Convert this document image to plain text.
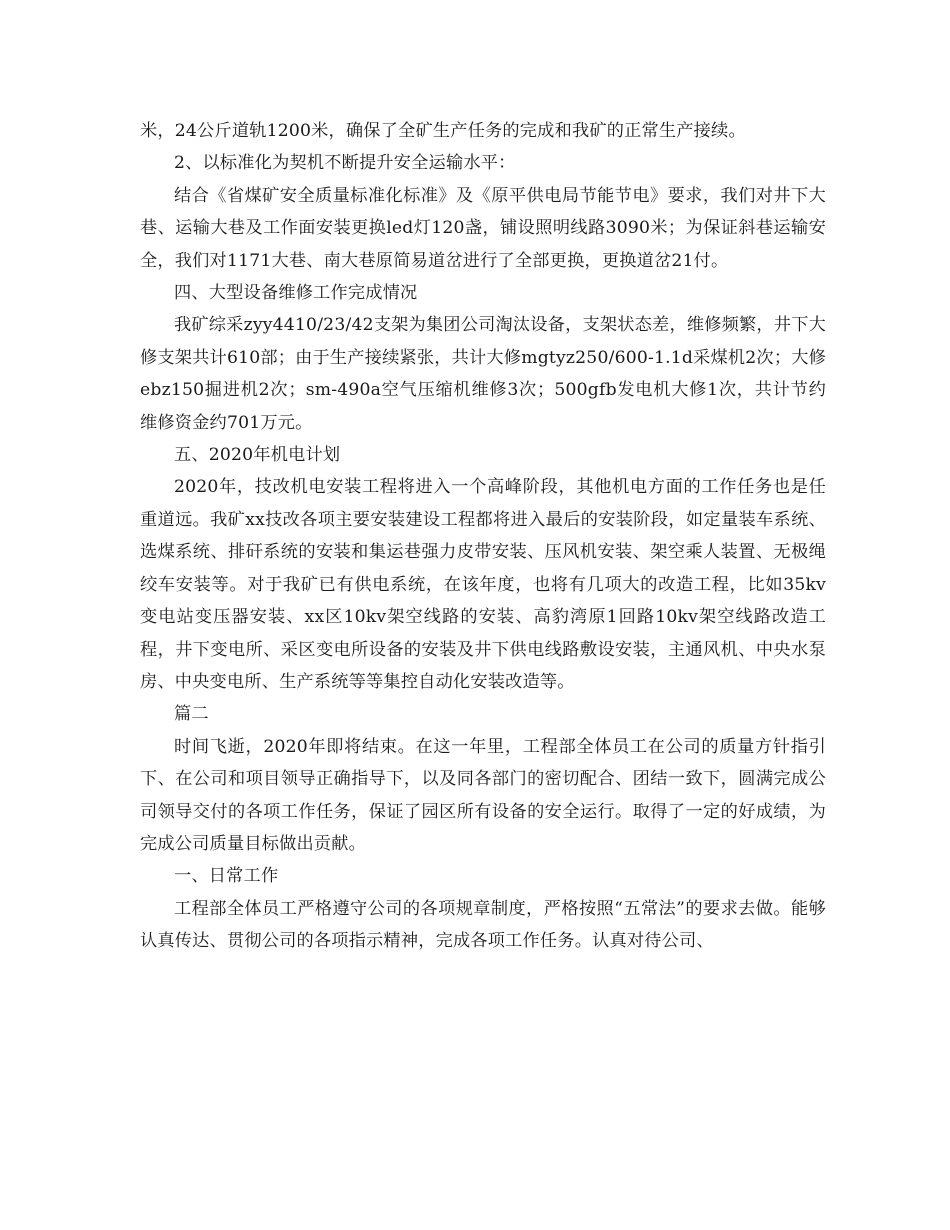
米，24公斤道轨1200米，确保了全矿生产任务的完成和我矿的正常生产接续。

2、以标准化为契机不断提升安全运输水平：

结合《省煤矿安全质量标准化标准》及《原平供电局节能节电》要求，我们对井下大巷、运输大巷及工作面安装更换led灯120盏，铺设照明线路3090米；为保证斜巷运输安全，我们对1171大巷、南大巷原简易道岔进行了全部更换，更换道岔21付。

四、大型设备维修工作完成情况

我矿综采zyy4410/23/42支架为集团公司淘汰设备，支架状态差，维修频繁，井下大修支架共计610部；由于生产接续紧张，共计大修mgtyz250/600-1.1d采煤机2次；大修ebz150掘进机2次；sm-490a空气压缩机维修3次；500gfb发电机大修1次，共计节约维修资金约701万元。

五、2020年机电计划

2020年，技改机电安装工程将进入一个高峰阶段，其他机电方面的工作任务也是任重道远。我矿xx技改各项主要安装建设工程都将进入最后的安装阶段，如定量装车系统、选煤系统、排矸系统的安装和集运巷强力皮带安装、压风机安装、架空乘人装置、无极绳绞车安装等。对于我矿已有供电系统，在该年度，也将有几项大的改造工程，比如35kv变电站变压器安装、xx区10kv架空线路的安装、高豹湾原1回路10kv架空线路改造工程，井下变电所、采区变电所设备的安装及井下供电线路敷设安装，主通风机、中央水泵房、中央变电所、生产系统等等集控自动化安装改造等。

篇二

时间飞逝，2020年即将结束。在这一年里，工程部全体员工在公司的质量方针指引下、在公司和项目领导正确指导下，以及同各部门的密切配合、团结一致下，圆满完成公司领导交付的各项工作任务，保证了园区所有设备的安全运行。取得了一定的好成绩，为完成公司质量目标做出贡献。

一、日常工作

工程部全体员工严格遵守公司的各项规章制度，严格按照“五常法”的要求去做。能够认真传达、贯彻公司的各项指示精神，完成各项工作任务。认真对待公司、
